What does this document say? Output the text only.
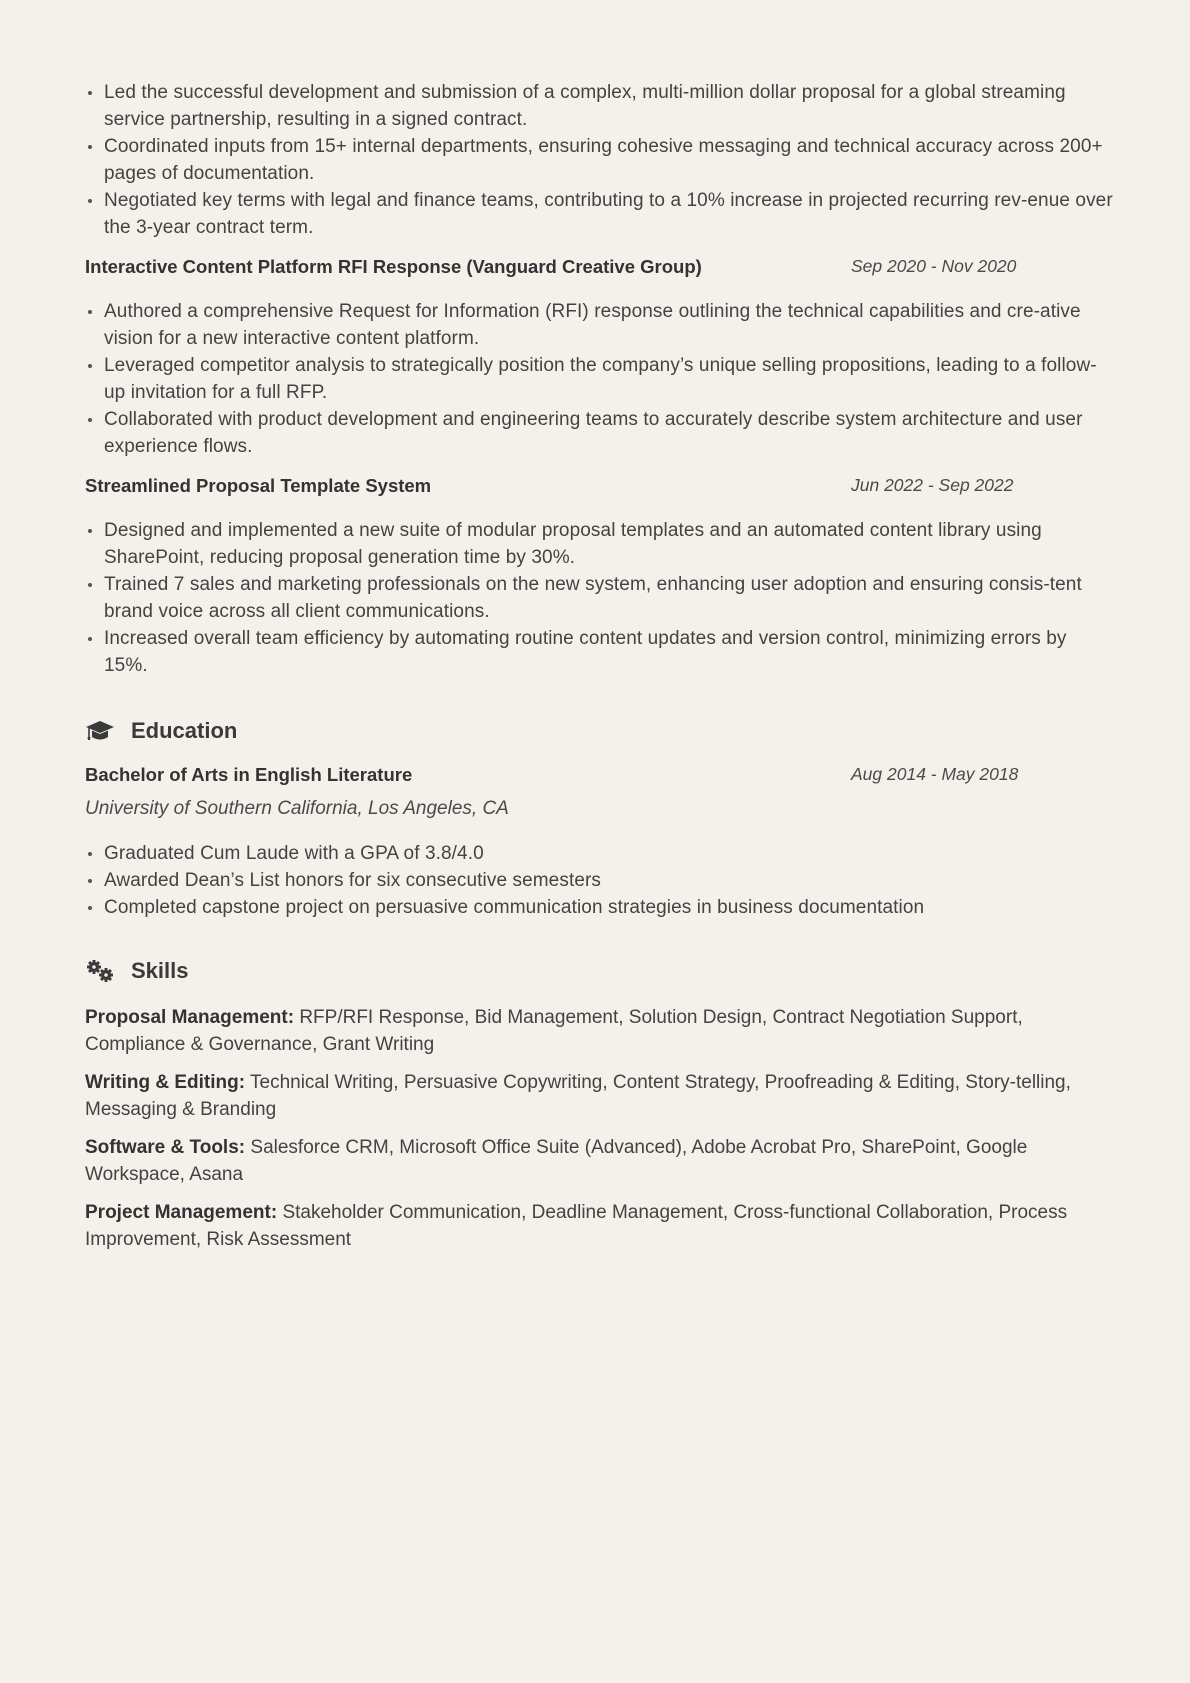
Led the successful development and submission of a complex, multi-million dollar proposal for a global streaming service partnership, resulting in a signed contract.
Coordinated inputs from 15+ internal departments, ensuring cohesive messaging and technical accuracy across 200+ pages of documentation.
Negotiated key terms with legal and finance teams, contributing to a 10% increase in projected recurring rev-enue over the 3-year contract term.
Interactive Content Platform RFI Response (Vanguard Creative Group)	Sep 2020 - Nov 2020
Authored a comprehensive Request for Information (RFI) response outlining the technical capabilities and cre-ative vision for a new interactive content platform.
Leveraged competitor analysis to strategically position the company’s unique selling propositions, leading to a follow-up invitation for a full RFP.
Collaborated with product development and engineering teams to accurately describe system architecture and user experience flows.
Streamlined Proposal Template System	Jun 2022 - Sep 2022
Designed and implemented a new suite of modular proposal templates and an automated content library using SharePoint, reducing proposal generation time by 30%.
Trained 7 sales and marketing professionals on the new system, enhancing user adoption and ensuring consis-tent brand voice across all client communications.
Increased overall team efficiency by automating routine content updates and version control, minimizing errors by 15%.
Education
Bachelor of Arts in English Literature	Aug 2014 - May 2018
University of Southern California, Los Angeles, CA
Graduated Cum Laude with a GPA of 3.8/4.0
Awarded Dean’s List honors for six consecutive semesters
Completed capstone project on persuasive communication strategies in business documentation
Skills
Proposal Management: RFP/RFI Response, Bid Management, Solution Design, Contract Negotiation Support, Compliance & Governance, Grant Writing
Writing & Editing: Technical Writing, Persuasive Copywriting, Content Strategy, Proofreading & Editing, Story-telling, Messaging & Branding
Software & Tools: Salesforce CRM, Microsoft Office Suite (Advanced), Adobe Acrobat Pro, SharePoint, Google Workspace, Asana
Project Management: Stakeholder Communication, Deadline Management, Cross-functional Collaboration, Process Improvement, Risk Assessment
